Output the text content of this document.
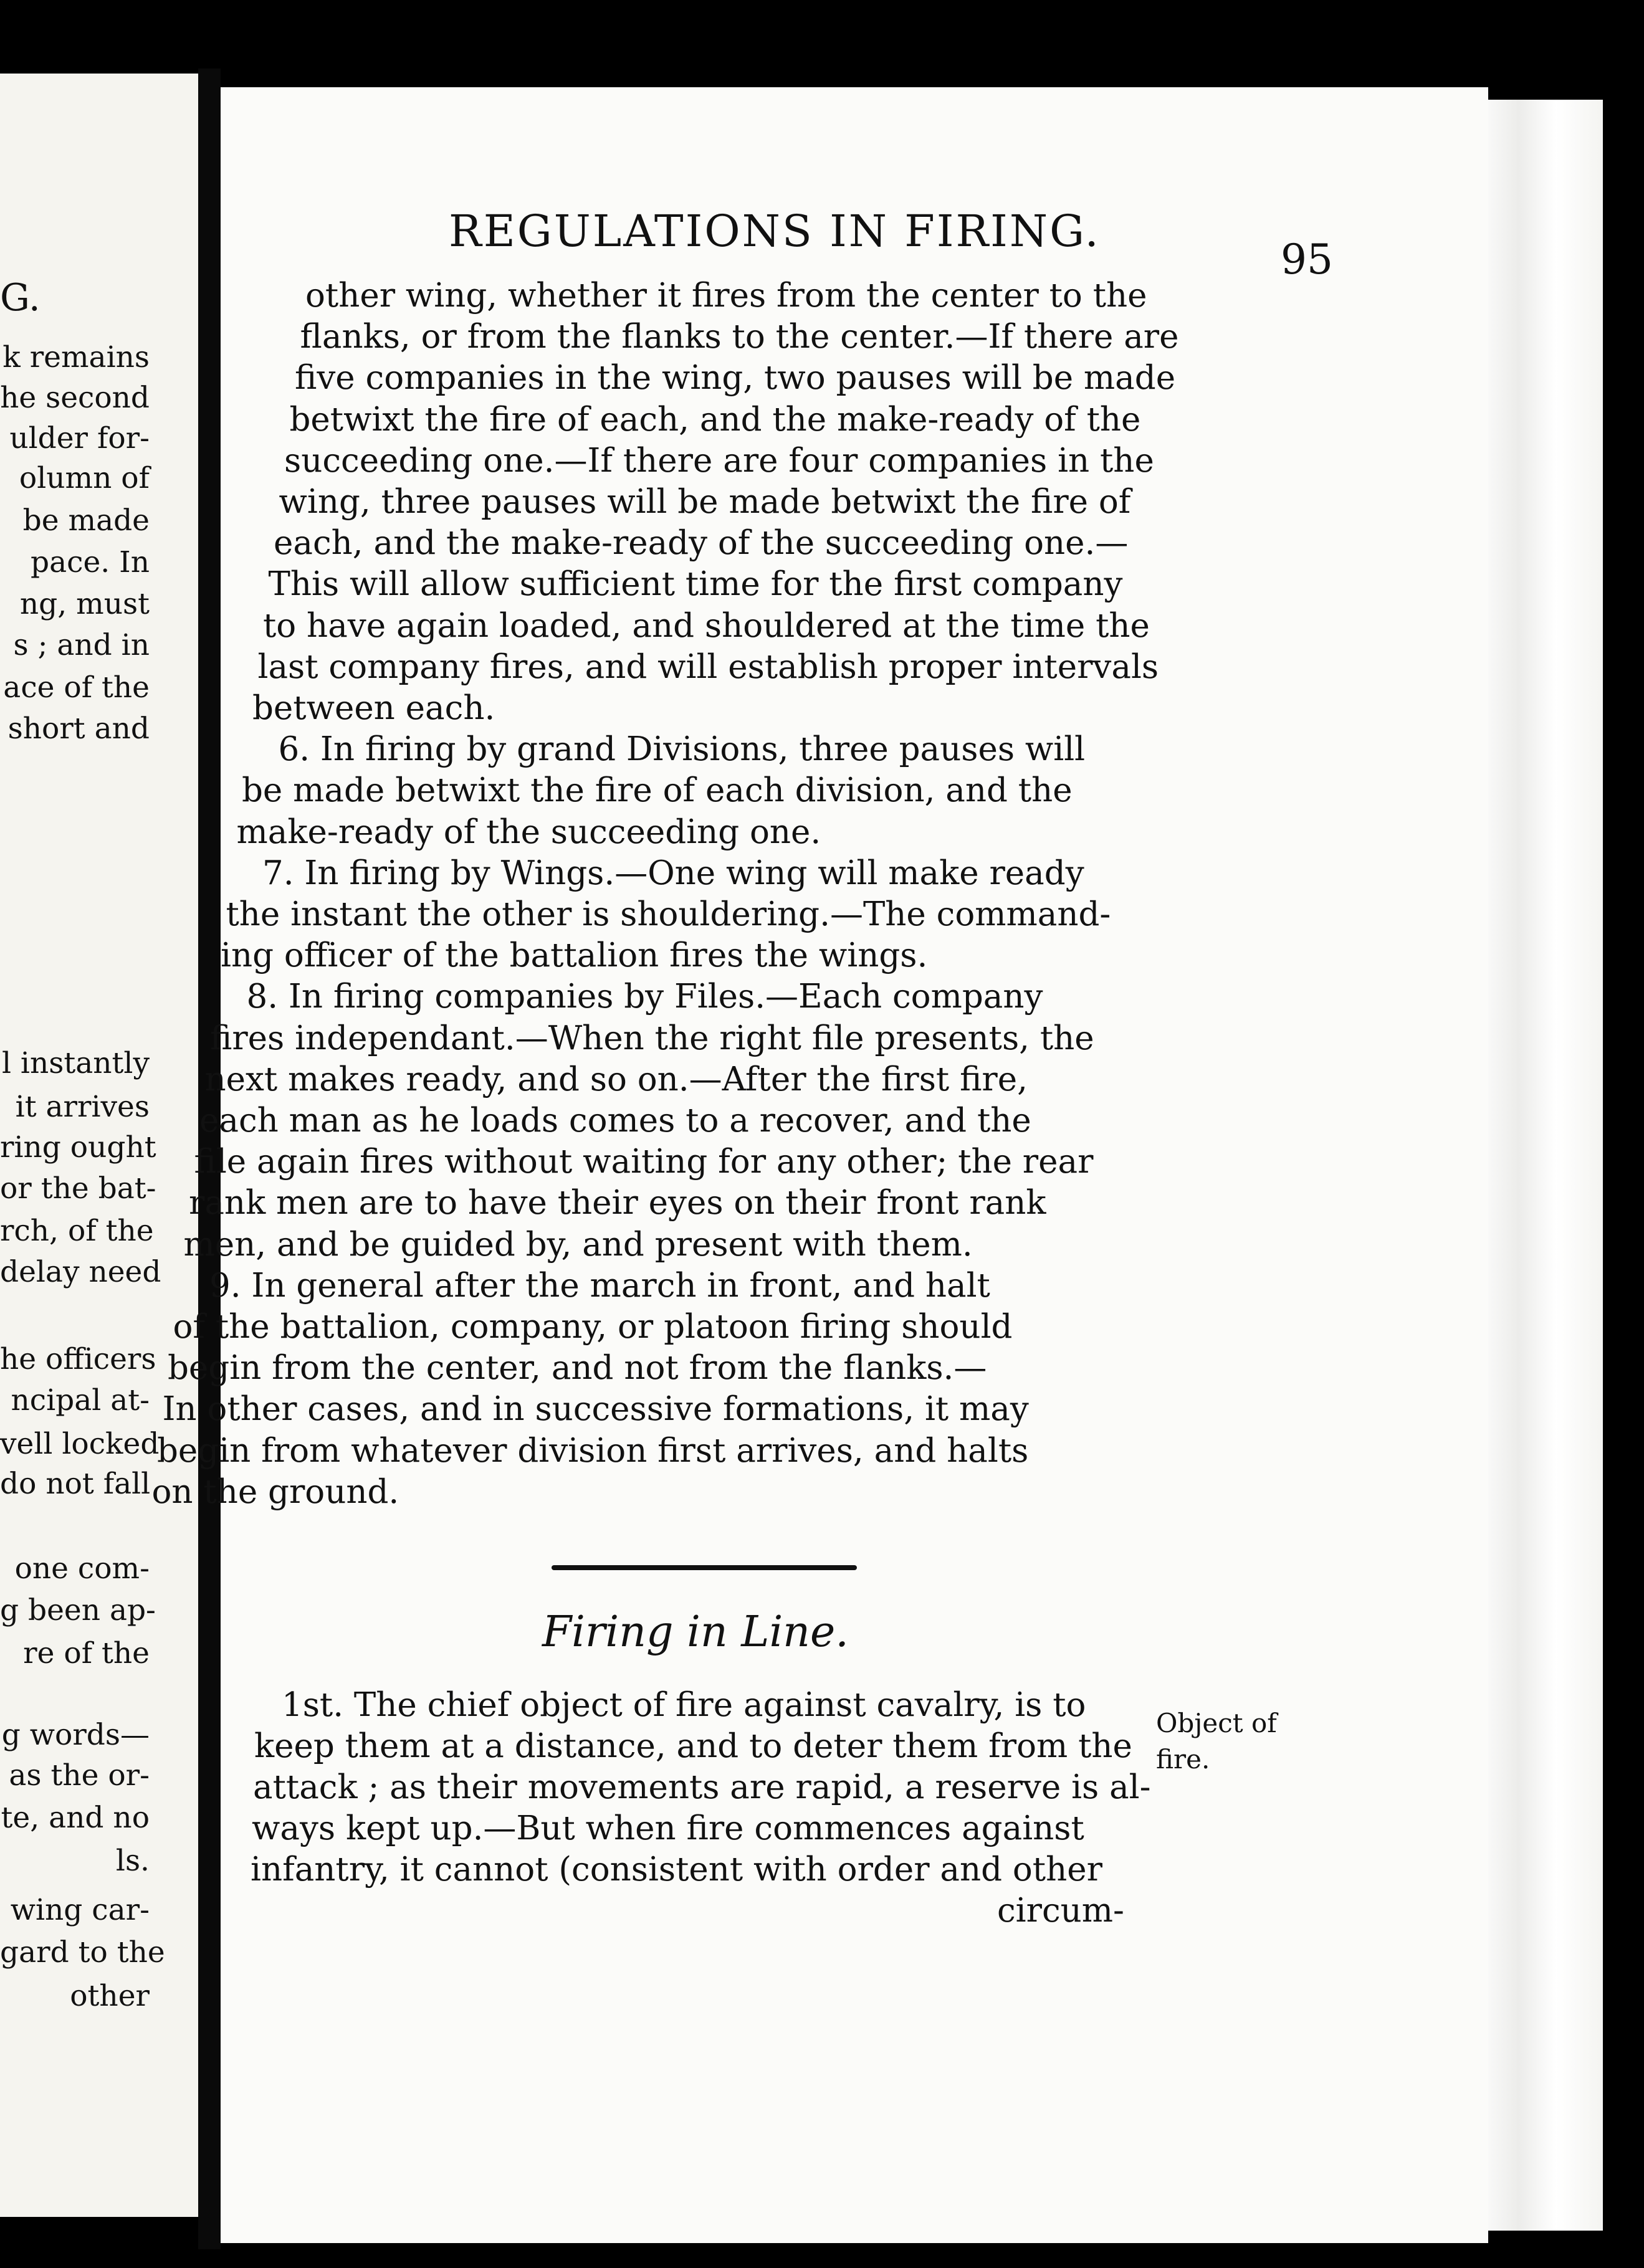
G.
k remains
he second
ulder for-
olumn of
be made
pace. In
ng, must
s ; and in
ace of the
short and
l instantly
it arrives
ring ought
or the bat-
rch, of the
delay need
he officers
ncipal at-
vell locked
do not fall
one com-
g been ap-
re of the
g words—
as the or-
te, and no
ls.
wing car-
gard to the
other
REGULATIONS IN FIRING.
95
other wing, whether it fires from the center to the
flanks, or from the flanks to the center.—If there are
five companies in the wing, two pauses will be made
betwixt the fire of each, and the make-ready of the
succeeding one.—If there are four companies in the
wing, three pauses will be made betwixt the fire of
each, and the make-ready of the succeeding one.—
This will allow sufficient time for the first company
to have again loaded, and shouldered at the time the
last company fires, and will establish proper intervals
between each.
6. In firing by grand Divisions, three pauses will
be made betwixt the fire of each division, and the
make-ready of the succeeding one.
7. In firing by Wings.—One wing will make ready
the instant the other is shouldering.—The command-
ing officer of the battalion fires the wings.
8. In firing companies by Files.—Each company
fires independant.—When the right file presents, the
next makes ready, and so on.—After the first fire,
each man as he loads comes to a recover, and the
file again fires without waiting for any other; the rear
rank men are to have their eyes on their front rank
men, and be guided by, and present with them.
9. In general after the march in front, and halt
of the battalion, company, or platoon firing should
begin from the center, and not from the flanks.—
In other cases, and in successive formations, it may
begin from whatever division first arrives, and halts
on the ground.
Firing in Line.
1st. The chief object of fire against cavalry, is to
keep them at a distance, and to deter them from the
attack ; as their movements are rapid, a reserve is al-
ways kept up.—But when fire commences against
infantry, it cannot (consistent with order and other
circum-
Object of
fire.
